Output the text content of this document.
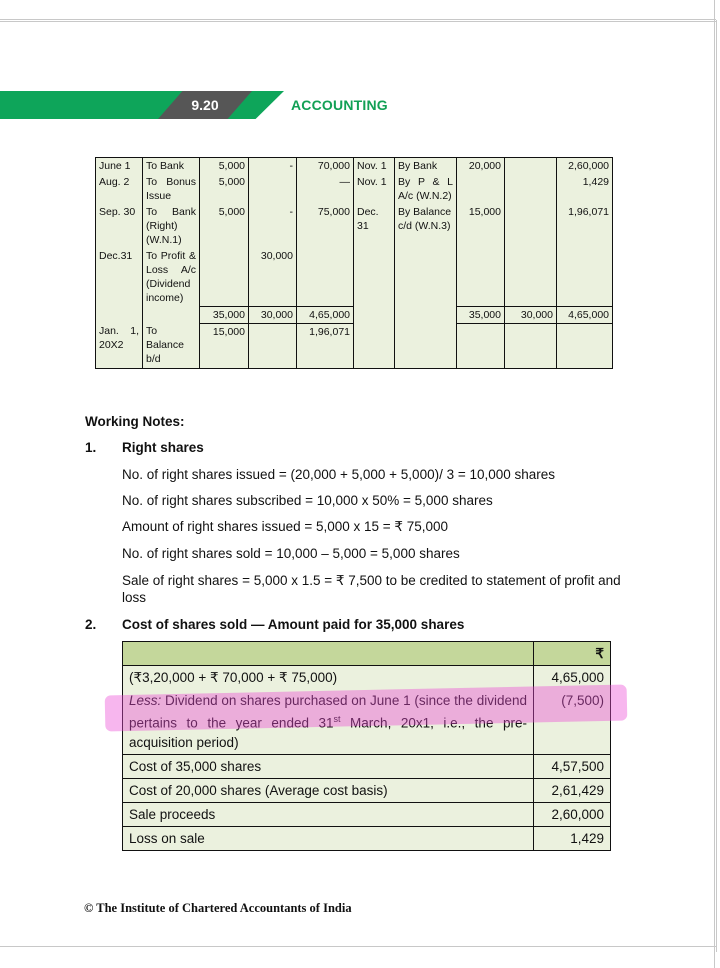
9.20	ACCOUNTING
June 1	To Bank	5,000	-	70,000	Nov. 1	By Bank	20,000		2,60,000
Aug. 2	To Bonus Issue	5,000		—	Nov. 1	By P & L A/c (W.N.2)			1,429
Sep. 30	To Bank (Right) (W.N.1)	5,000	-	75,000	Dec. 31	By Balance c/d (W.N.3)	15,000		1,96,071
Dec.31	To Profit & Loss A/c (Dividend income)		30,000						
		35,000	30,000	4,65,000			35,000	30,000	4,65,000
Jan. 1, 20X2	To Balance b/d	15,000		1,96,071					
Working Notes:
1. Right shares
No. of right shares issued = (20,000 + 5,000 + 5,000)/ 3 = 10,000 shares
No. of right shares subscribed = 10,000 x 50% = 5,000 shares
Amount of right shares issued = 5,000 x 15 = ₹ 75,000
No. of right shares sold = 10,000 – 5,000 = 5,000 shares
Sale of right shares = 5,000 x 1.5 = ₹ 7,500 to be credited to statement of profit and loss
2. Cost of shares sold — Amount paid for 35,000 shares
	₹
(₹3,20,000 + ₹ 70,000 + ₹ 75,000)	4,65,000
Less: Dividend on shares purchased on June 1 (since the dividend pertains to the year ended 31st March, 20x1, i.e., the pre-acquisition period)	(7,500)
Cost of 35,000 shares	4,57,500
Cost of 20,000 shares (Average cost basis)	2,61,429
Sale proceeds	2,60,000
Loss on sale	1,429
© The Institute of Chartered Accountants of India
